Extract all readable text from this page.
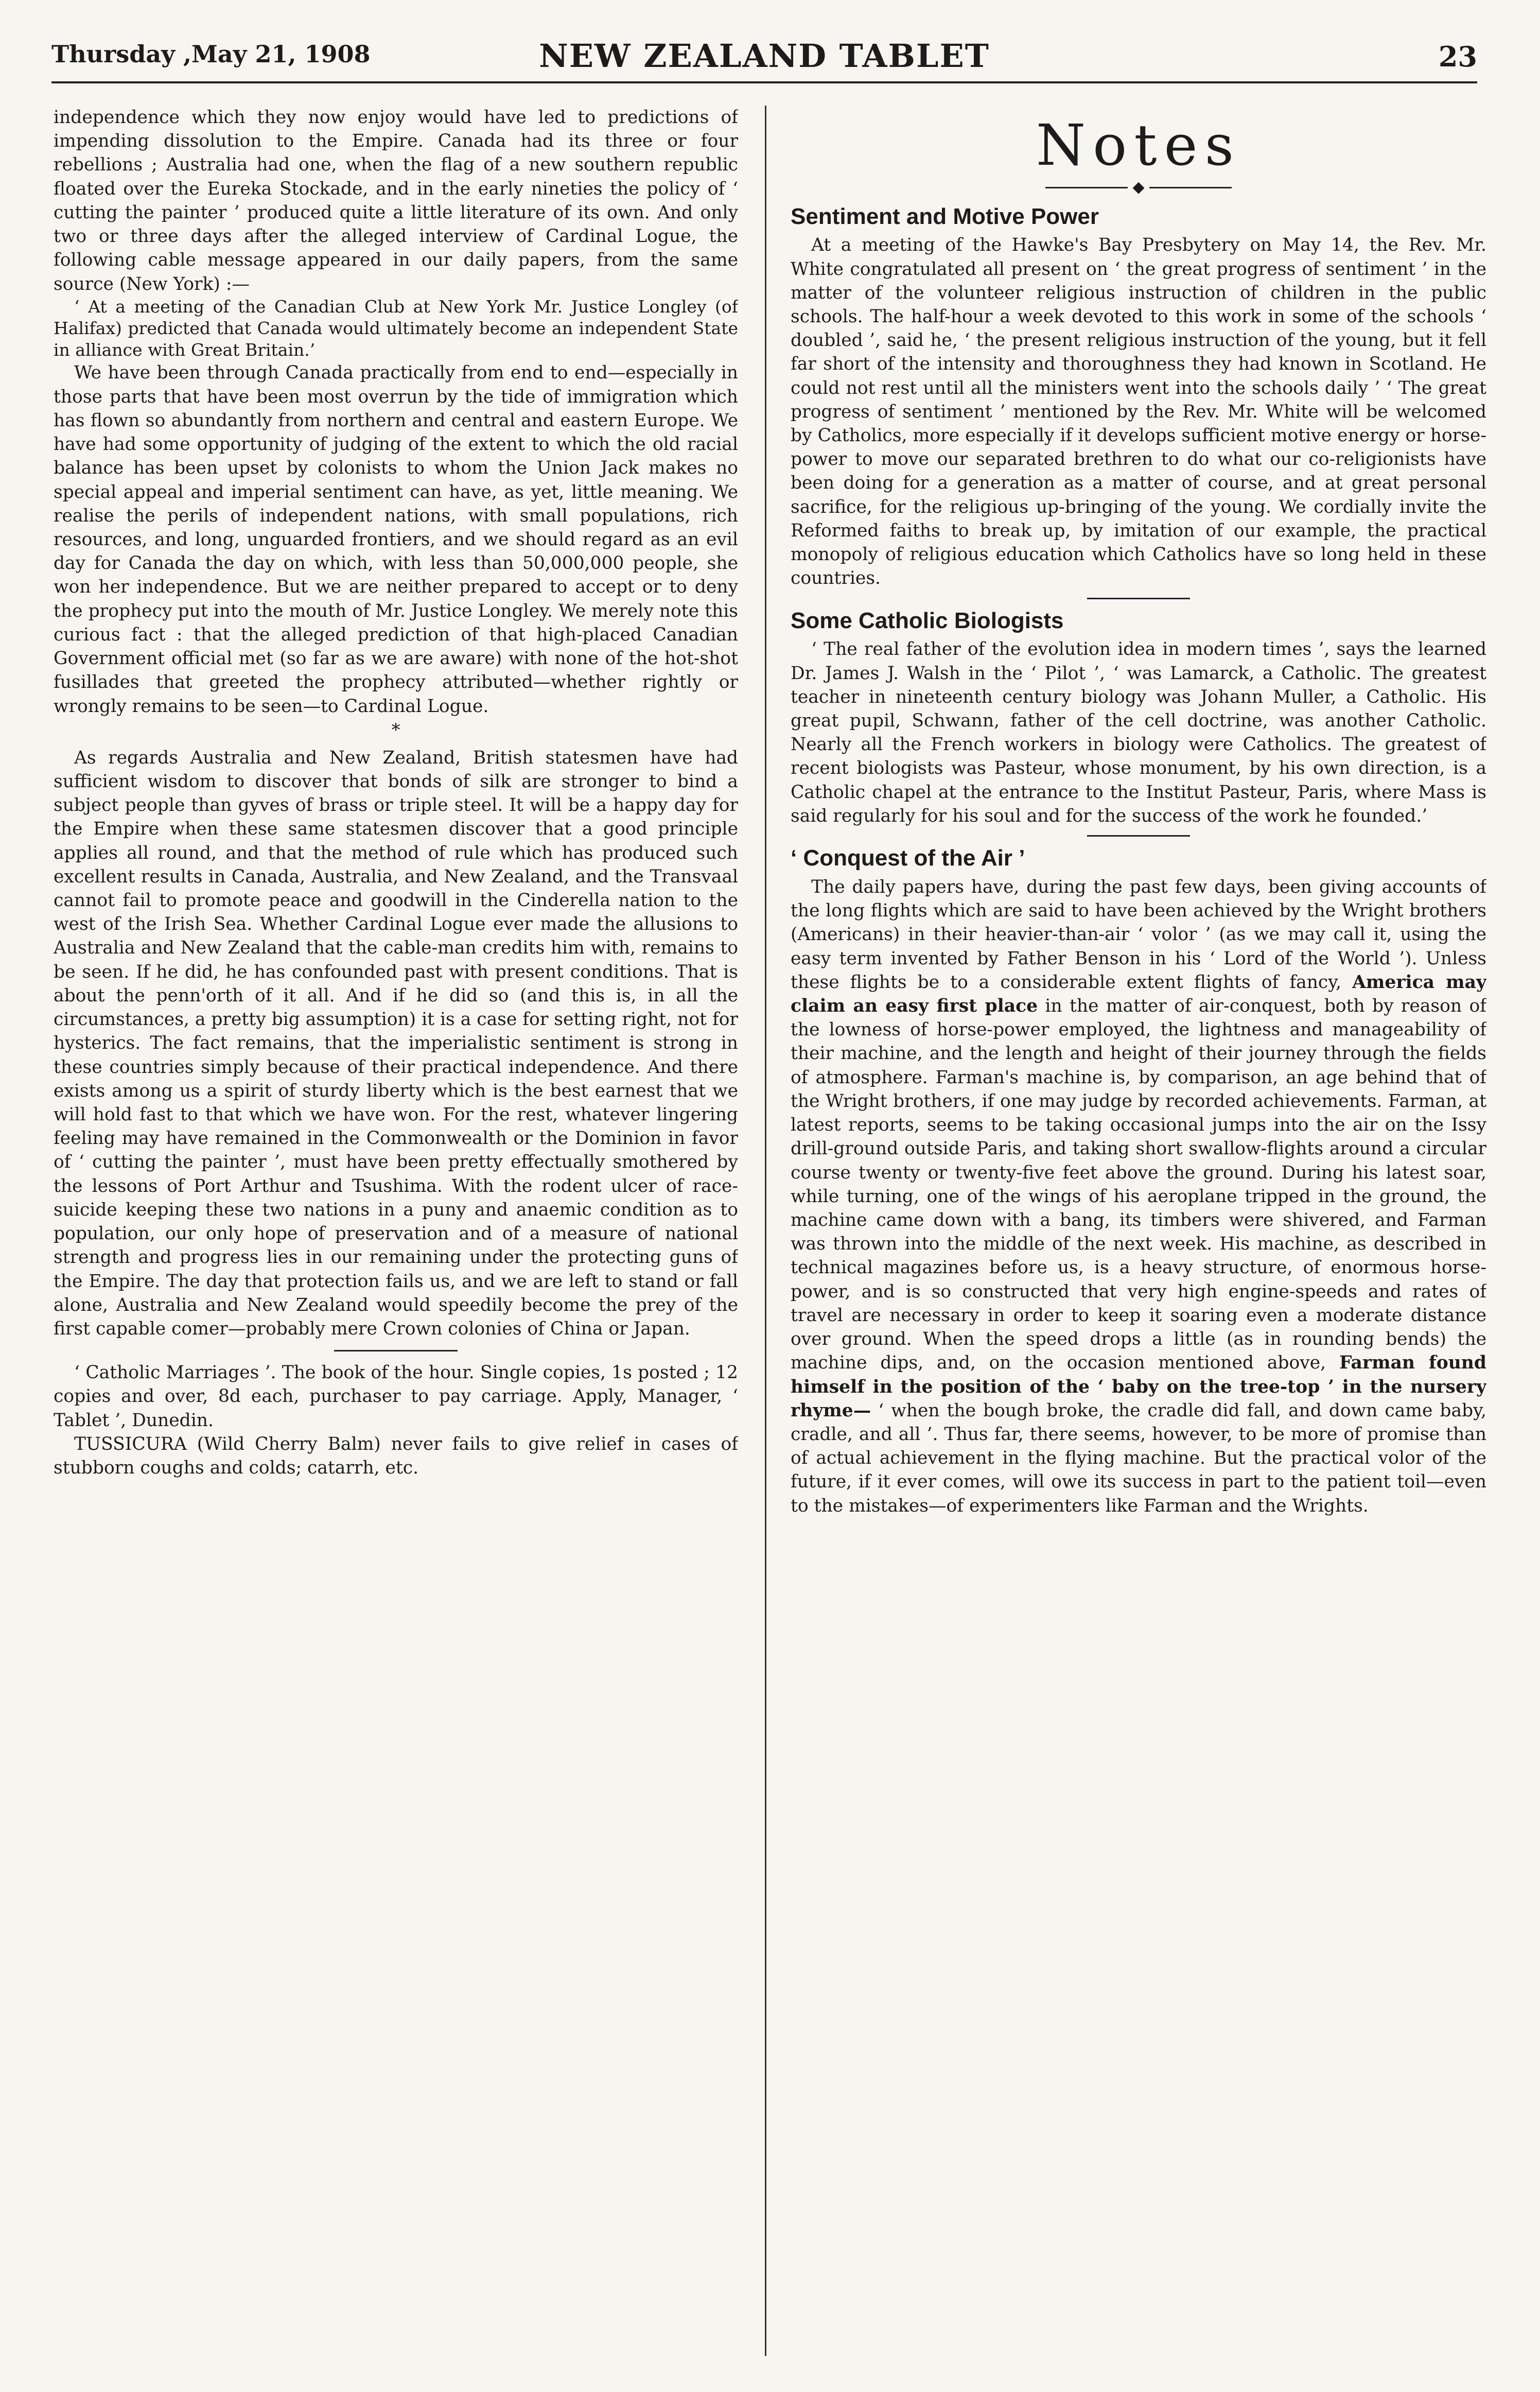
Thursday ,May 21, 1908	NEW ZEALAND TABLET	23

independence which they now enjoy would have led to predictions of impending dissolution to the Empire. Canada had its three or four rebellions ; Australia had one, when the flag of a new southern republic floated over the Eureka Stockade, and in the early nineties the policy of ‘ cutting the painter ’ produced quite a little literature of its own. And only two or three days after the alleged interview of Cardinal Logue, the following cable message appeared in our daily papers, from the same source (New York) :—

‘ At a meeting of the Canadian Club at New York Mr. Justice Longley (of Halifax) predicted that Canada would ultimately become an independent State in alliance with Great Britain.’

We have been through Canada practically from end to end—especially in those parts that have been most overrun by the tide of immigration which has flown so abundantly from northern and central and eastern Europe. We have had some opportunity of judging of the extent to which the old racial balance has been upset by colonists to whom the Union Jack makes no special appeal and imperial sentiment can have, as yet, little meaning. We realise the perils of independent nations, with small populations, rich resources, and long, unguarded frontiers, and we should regard as an evil day for Canada the day on which, with less than 50,000,000 people, she won her independence. But we are neither prepared to accept or to deny the prophecy put into the mouth of Mr. Justice Longley. We merely note this curious fact : that the alleged prediction of that high-placed Canadian Government official met (so far as we are aware) with none of the hot-shot fusillades that greeted the prophecy attributed—whether rightly or wrongly remains to be seen—to Cardinal Logue.

*

As regards Australia and New Zealand, British statesmen have had sufficient wisdom to discover that bonds of silk are stronger to bind a subject people than gyves of brass or triple steel. It will be a happy day for the Empire when these same statesmen discover that a good principle applies all round, and that the method of rule which has produced such excellent results in Canada, Australia, and New Zealand, and the Transvaal cannot fail to promote peace and goodwill in the Cinderella nation to the west of the Irish Sea. Whether Cardinal Logue ever made the allusions to Australia and New Zealand that the cable-man credits him with, remains to be seen. If he did, he has confounded past with present conditions. That is about the penn'orth of it all. And if he did so (and this is, in all the circumstances, a pretty big assumption) it is a case for setting right, not for hysterics. The fact remains, that the imperialistic sentiment is strong in these countries simply because of their practical independence. And there exists among us a spirit of sturdy liberty which is the best earnest that we will hold fast to that which we have won. For the rest, whatever lingering feeling may have remained in the Commonwealth or the Dominion in favor of ‘ cutting the painter ’, must have been pretty effectually smothered by the lessons of Port Arthur and Tsushima. With the rodent ulcer of race-suicide keeping these two nations in a puny and anaemic condition as to population, our only hope of preservation and of a measure of national strength and progress lies in our remaining under the protecting guns of the Empire. The day that protection fails us, and we are left to stand or fall alone, Australia and New Zealand would speedily become the prey of the first capable comer—probably mere Crown colonies of China or Japan.

‘ Catholic Marriages ’. The book of the hour. Single copies, 1s posted ; 12 copies and over, 8d each, purchaser to pay carriage. Apply, Manager, ‘ Tablet ’, Dunedin.

TUSSICURA (Wild Cherry Balm) never fails to give relief in cases of stubborn coughs and colds; catarrh, etc.

Notes
◆
Sentiment and Motive Power

At a meeting of the Hawke's Bay Presbytery on May 14, the Rev. Mr. White congratulated all present on ‘ the great progress of sentiment ’ in the matter of the volunteer religious instruction of children in the public schools. The half-hour a week devoted to this work in some of the schools ‘ doubled ’, said he, ‘ the present religious instruction of the young, but it fell far short of the intensity and thoroughness they had known in Scotland. He could not rest until all the ministers went into the schools daily ’ ‘ The great progress of sentiment ’ mentioned by the Rev. Mr. White will be welcomed by Catholics, more especially if it develops sufficient motive energy or horse-power to move our separated brethren to do what our co-religionists have been doing for a generation as a matter of course, and at great personal sacrifice, for the religious up-bringing of the young. We cordially invite the Reformed faiths to break up, by imitation of our example, the practical monopoly of religious education which Catholics have so long held in these countries.

Some Catholic Biologists

‘ The real father of the evolution idea in modern times ’, says the learned Dr. James J. Walsh in the ‘ Pilot ’, ‘ was Lamarck, a Catholic. The greatest teacher in nineteenth century biology was Johann Muller, a Catholic. His great pupil, Schwann, father of the cell doctrine, was another Catholic. Nearly all the French workers in biology were Catholics. The greatest of recent biologists was Pasteur, whose monument, by his own direction, is a Catholic chapel at the entrance to the Institut Pasteur, Paris, where Mass is said regularly for his soul and for the success of the work he founded.’

‘ Conquest of the Air ’

The daily papers have, during the past few days, been giving accounts of the long flights which are said to have been achieved by the Wright brothers (Americans) in their heavier-than-air ‘ volor ’ (as we may call it, using the easy term invented by Father Benson in his ‘ Lord of the World ’). Unless these flights be to a considerable extent flights of fancy, America may claim an easy first place in the matter of air-conquest, both by reason of the lowness of horse-power employed, the lightness and manageability of their machine, and the length and height of their journey through the fields of atmosphere. Farman's machine is, by comparison, an age behind that of the Wright brothers, if one may judge by recorded achievements. Farman, at latest reports, seems to be taking occasional jumps into the air on the Issy drill-ground outside Paris, and taking short swallow-flights around a circular course twenty or twenty-five feet above the ground. During his latest soar, while turning, one of the wings of his aeroplane tripped in the ground, the machine came down with a bang, its timbers were shivered, and Farman was thrown into the middle of the next week. His machine, as described in technical magazines before us, is a heavy structure, of enormous horse-power, and is so constructed that very high engine-speeds and rates of travel are necessary in order to keep it soaring even a moderate distance over ground. When the speed drops a little (as in rounding bends) the machine dips, and, on the occasion mentioned above, Farman found himself in the position of the ‘ baby on the tree-top ’ in the nursery rhyme— ‘ when the bough broke, the cradle did fall, and down came baby, cradle, and all ’. Thus far, there seems, however, to be more of promise than of actual achievement in the flying machine. But the practical volor of the future, if it ever comes, will owe its success in part to the patient toil—even to the mistakes—of experimenters like Farman and the Wrights.
